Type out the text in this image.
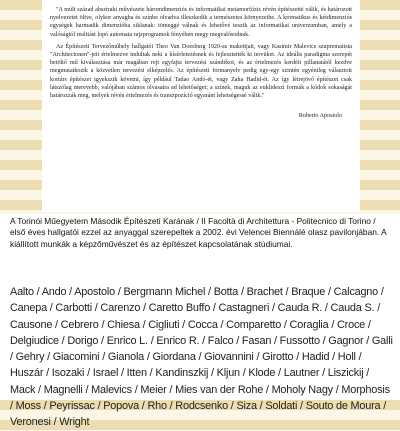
"A múlt század absztrakt művészete háromdimenziós és informatikai metamorfózis révén építészetté válik, és határozott nyelvezetet öltve, olykor anyagba és színbe olvadva illeszkedik a természetes környezetbe. A kromatikus és kétdimenziós egységek harmadik dimenzióba siklanak: tömeggé válnak és lehetővé teszik az informatikai univerzumban, amely a valóságtól realitást lopó automata rajzprogramok fényében megy megvalósodnak.

Az Építészeti Tervezőműhely hallgatói Theo Van Doesburg 1920-as makettjait, vagy Kasimir Malevics szuprematista "Architectonen"-jeit értelmezve indultak neki a kísérletezésnek és fejlesztették ki tervüket. Az ideális paradigma szerepét betöltő mű kiválasztása már magában rejt egyfajta tervezési szándékot, és az értelmezés kerdéti pillanatától kezdve megmutatkozik a közvetlen tervezési elképzelés. Az építészeti formanyelv pedig egy-egy szintén egyénileg választott kortárs építészet igyekszik követni, így például Tadao Andó-ét, vagy Zaha Hadid-ét. Az így létrejövő építészet csak látszólag merevebb, valójában számos olvasatra ad lehetőséget; a színek, maguk az euklideszi formák a kódok sokaságát határozzák meg, melyek révén értelmezés és transzpozíció egyaránt lehetségessé válik."

Roberto Apostolo

A Torinói Műegyetem Második Építészeti Karának / II Facoltà di Architettura - Politecnico di Torino / első éves hallgatói ezzel az anyaggal szerepeltek a 2002. évi Velencei Biennálé olasz pavilonjában. A kiállított munkák a képzőművészet és az építészet kapcsolatának stúdiumai.
Aalto / Ando / Apostolo / Bergmann Michel / Botta / Brachet / Braque / Calcagno / Canepa / Carbotti / Carenzo / Caretto Buffo / Castagneri / Cauda R. / Cauda S. / Causone / Cebrero / Chiesa / Cigliuti / Cocca / Comparetto / Coraglia / Croce / Delgiudice / Dorigo / Enrico L. / Enrico R. / Falco / Fasan / Fussotto / Gagnor / Galli / Gehry / Giacomini / Gianola / Giordana / Giovannini / Girotto / Hadid / Holl / Huszár / Isozaki / Israel / Itten / Kandinszkij / Kljun / Klode / Lautner / Liszickij / Mack / Magnelli / Malevics / Meier / Mies van der Rohe / Moholy Nagy / Morphosis / Moss / Peyrissac / Popova / Rho / Rodcsenko / Siza / Soldati / Souto de Moura / Veronesi / Wright
